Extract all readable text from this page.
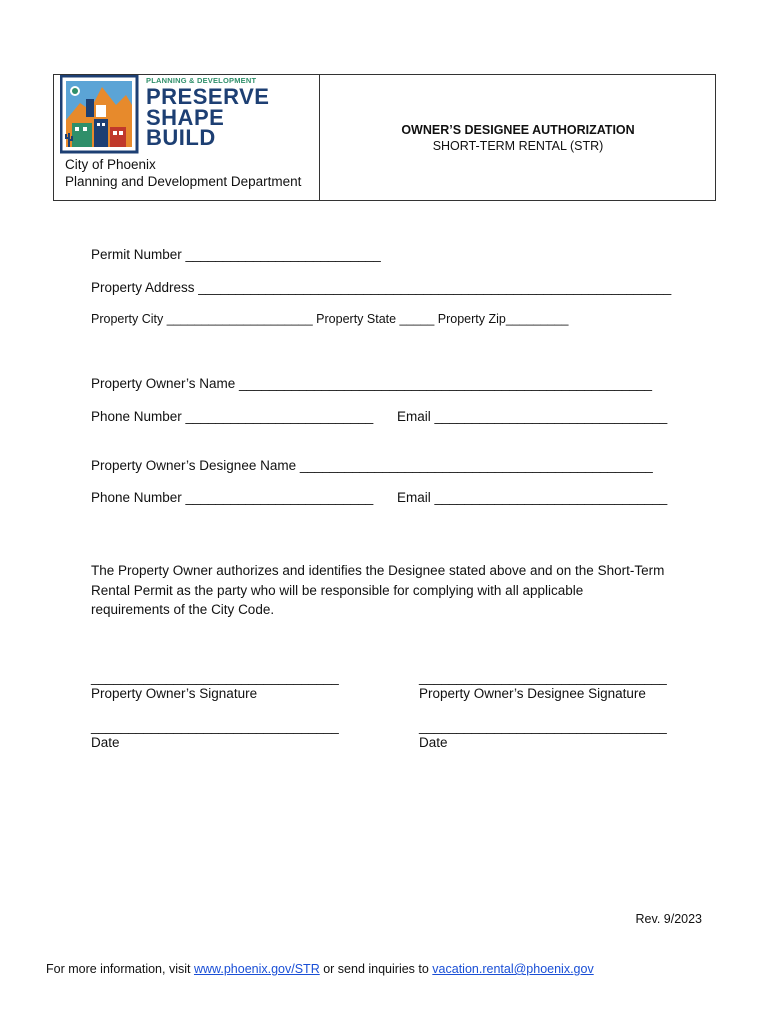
PLANNING & DEVELOPMENT
PRESERVE
SHAPE
BUILD
City of Phoenix
Planning and Development Department
OWNER’S DESIGNEE AUTHORIZATION
SHORT-TERM RENTAL (STR)
Permit Number __________________________
Property Address _______________________________________________________________
Property City _____________________ Property State _____ Property Zip_________
Property Owner’s Name _______________________________________________________
Phone Number _________________________ Email _______________________________
Property Owner’s Designee Name _______________________________________________
Phone Number _________________________ Email _______________________________
The Property Owner authorizes and identifies the Designee stated above and on the Short-Term
Rental Permit as the party who will be responsible for complying with all applicable
requirements of the City Code.
_________________________________
Property Owner’s Signature
_________________________________
Property Owner’s Designee Signature
_________________________________
Date
_________________________________
Date
Rev. 9/2023
For more information, visit www.phoenix.gov/STR or send inquiries to vacation.rental@phoenix.gov
